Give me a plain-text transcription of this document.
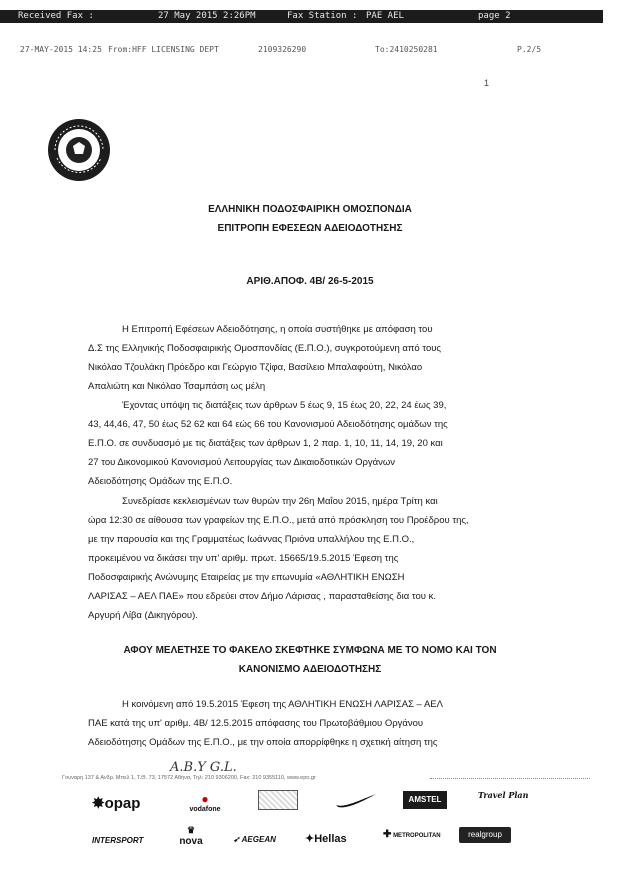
Received Fax :	27 May 2015 2:26PM	Fax Station : PAE AEL	page 2
27-MAY-2015 14:25 From:HFF LICENSING DEPT	2109326290	To:2410250281	P.2/5
1
ΕΛΛΗΝΙΚΗ ΠΟΔΟΣΦΑΙΡΙΚΗ ΟΜΟΣΠΟΝΔΙΑ
ΕΠΙΤΡΟΠΗ ΕΦΕΣΕΩΝ ΑΔΕΙΟΔΟΤΗΣΗΣ
ΑΡΙΘ.ΑΠΟΦ. 4Β/ 26-5-2015
Η Επιτροπή Εφέσεων Αδειοδότησης, η οποία συστήθηκε με απόφαση του
Δ.Σ της Ελληνικής Ποδοσφαιρικής Ομοσπονδίας (Ε.Π.Ο.), συγκροτούμενη από τους
Νικόλαο Τζουλάκη Πρόεδρο και Γεώργιο Τζίφα, Βασίλειο Μπαλαφούτη, Νικόλαο
Απαλιώτη και Νικόλαο Τσαμπάση ως μέλη
Έχοντας υπόψη τις διατάξεις των άρθρων 5 έως 9, 15 έως 20, 22, 24 έως 39,
43, 44,46, 47, 50 έως 52 62 και 64 εώς 66 του Κανονισμού Αδειοδότησης ομάδων της
Ε.Π.Ο. σε συνδυασμό με τις διατάξεις των άρθρων 1, 2 παρ. 1, 10, 11, 14, 19, 20 και
27 του Δικονομικού Κανονισμού Λειτουργίας των Δικαιοδοτικών Οργάνων
Αδειοδότησης Ομάδων της Ε.Π.Ο.
Συνεδρίασε κεκλεισμένων των θυρών την 26η Μαΐου 2015, ημέρα Τρίτη και
ώρα 12:30 σε αίθουσα των γραφείων της Ε.Π.Ο., μετά από πρόσκληση του Προέδρου της,
με την παρουσία και της Γραμματέως Ιωάννας Πριόνα υπαλλήλου της Ε.Π.Ο.,
προκειμένου να δικάσει την υπ' αριθμ. πρωτ. 15665/19.5.2015 Έφεση της
Ποδοσφαιρικής Ανώνυμης Εταιρείας με την επωνυμία «ΑΘΛΗΤΙΚΗ ΕΝΩΣΗ
ΛΑΡΙΣΑΣ – ΑΕΛ ΠΑΕ» που εδρεύει στον Δήμο Λάρισας , παρασταθείσης δια του κ.
Αργυρή Λίβα (Δικηγόρου).
ΑΦΟΥ ΜΕΛΕΤΗΣΕ ΤΟ ΦΑΚΕΛΟ ΣΚΕΦΤΗΚΕ ΣΥΜΦΩΝΑ ΜΕ ΤΟ ΝΟΜΟ ΚΑΙ ΤΟΝ
ΚΑΝΟΝΙΣΜΟ ΑΔΕΙΟΔΟΤΗΣΗΣ
Η κοινόμενη από 19.5.2015 Έφεση της ΑΘΛΗΤΙΚΗ ΕΝΩΣΗ ΛΑΡΙΣΑΣ – ΑΕΛ
ΠΑΕ κατά της υπ' αριθμ. 4Β/ 12.5.2015 απόφασης του Πρωτοβάθμιου Οργάνου
Αδειοδότησης Ομάδων της Ε.Π.Ο., με την οποία απορρίφθηκε η σχετική αίτηση της
Α.Β.Υ G.L.
Γουναρη 137 & Ανδρ. Μπελ 1, Τ.Θ. 73, 17572 Αθήνα, Τηλ: 210 9306200, Fax: 210 9355110, www.epo.gr
✸opap	●
vodafone
AMSTEL	Travel Plan
INTERSPORT
♛
nova	➶ AEGEAN	✦Hellas	✚ METROPOLITAN	realgroup
